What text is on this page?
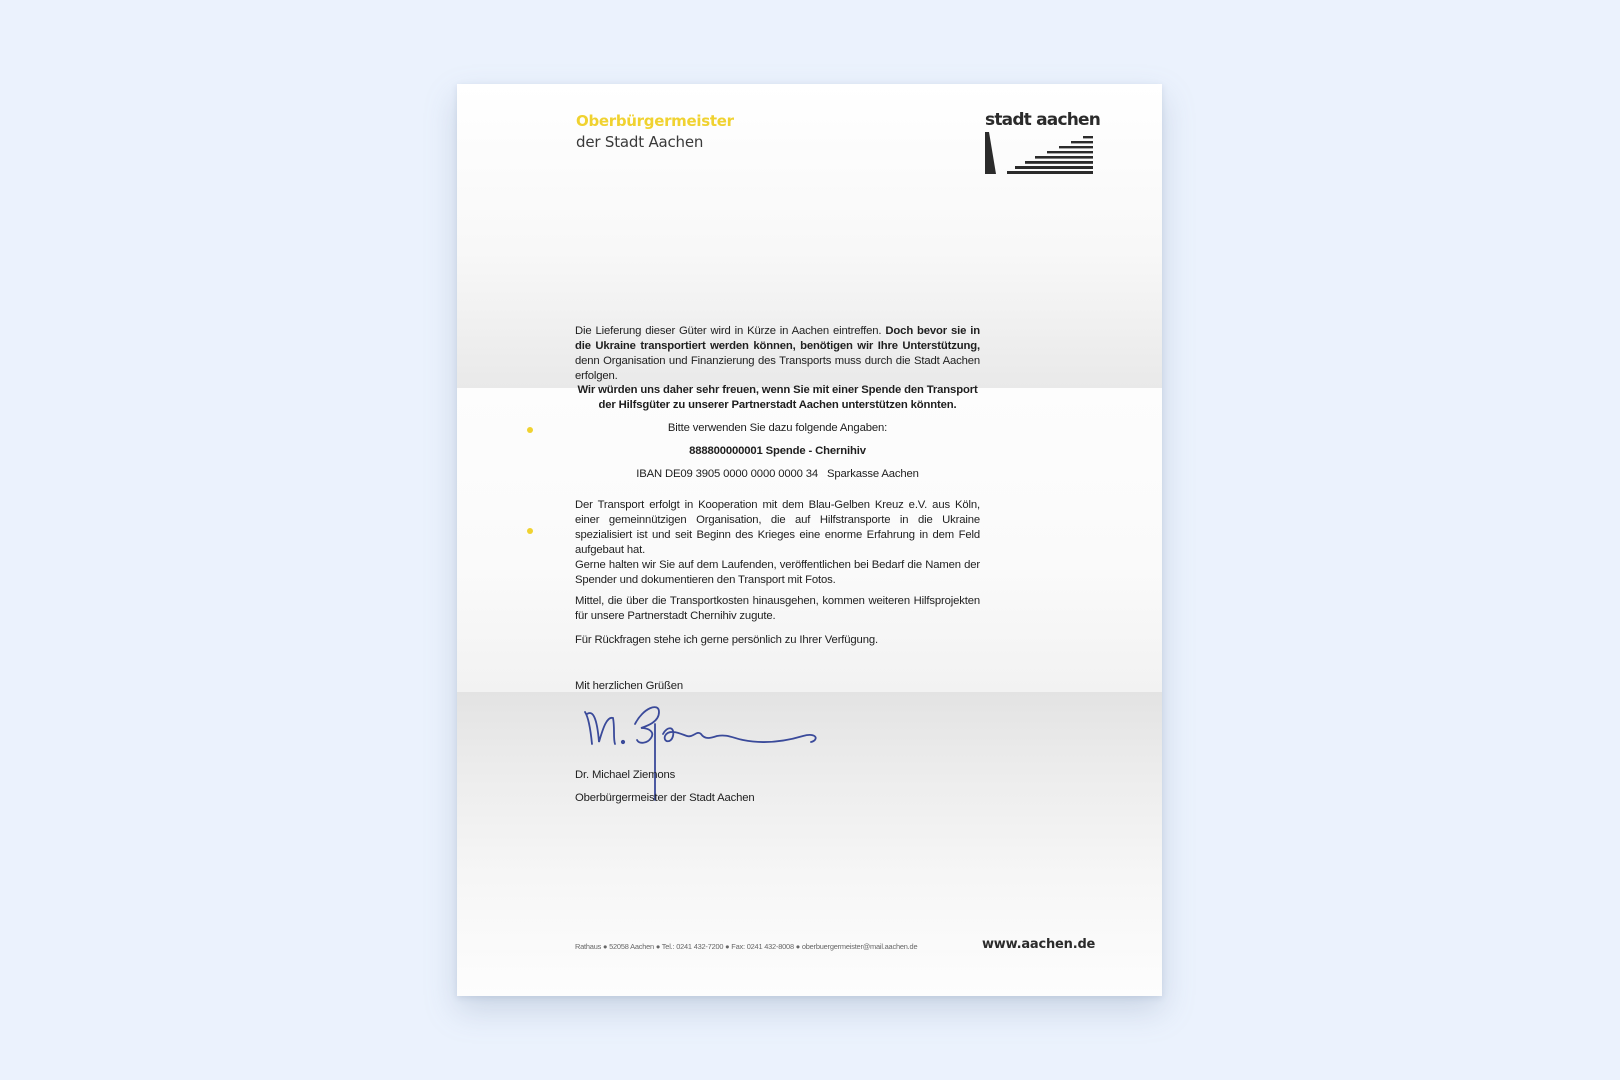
Oberbürgermeister
der Stadt Aachen
stadt aachen
Die Lieferung dieser Güter wird in Kürze in Aachen eintreffen. Doch bevor sie in die Ukraine transportiert werden können, benötigen wir Ihre Unterstützung, denn Organisation und Finanzierung des Transports muss durch die Stadt Aachen erfolgen.
Wir würden uns daher sehr freuen, wenn Sie mit einer Spende den Transport
der Hilfsgüter zu unserer Partnerstadt Aachen unterstützen könnten.
Bitte verwenden Sie dazu folgende Angaben:
888800000001 Spende - Chernihiv
IBAN DE09 3905 0000 0000 0000 34 Sparkasse Aachen
Der Transport erfolgt in Kooperation mit dem Blau-Gelben Kreuz e.V. aus Köln, einer gemeinnützigen Organisation, die auf Hilfstransporte in die Ukraine spezialisiert ist und seit Beginn des Krieges eine enorme Erfahrung in dem Feld aufgebaut hat.
Gerne halten wir Sie auf dem Laufenden, veröffentlichen bei Bedarf die Namen der Spender und dokumentieren den Transport mit Fotos.
Mittel, die über die Transportkosten hinausgehen, kommen weiteren Hilfsprojekten für unsere Partnerstadt Chernihiv zugute.
Für Rückfragen stehe ich gerne persönlich zu Ihrer Verfügung.
Mit herzlichen Grüßen
Dr. Michael Ziemons
Oberbürgermeister der Stadt Aachen
Rathaus ● 52058 Aachen ● Tel.: 0241 432-7200 ● Fax: 0241 432-8008 ● oberbuergermeister@mail.aachen.de	www.aachen.de
